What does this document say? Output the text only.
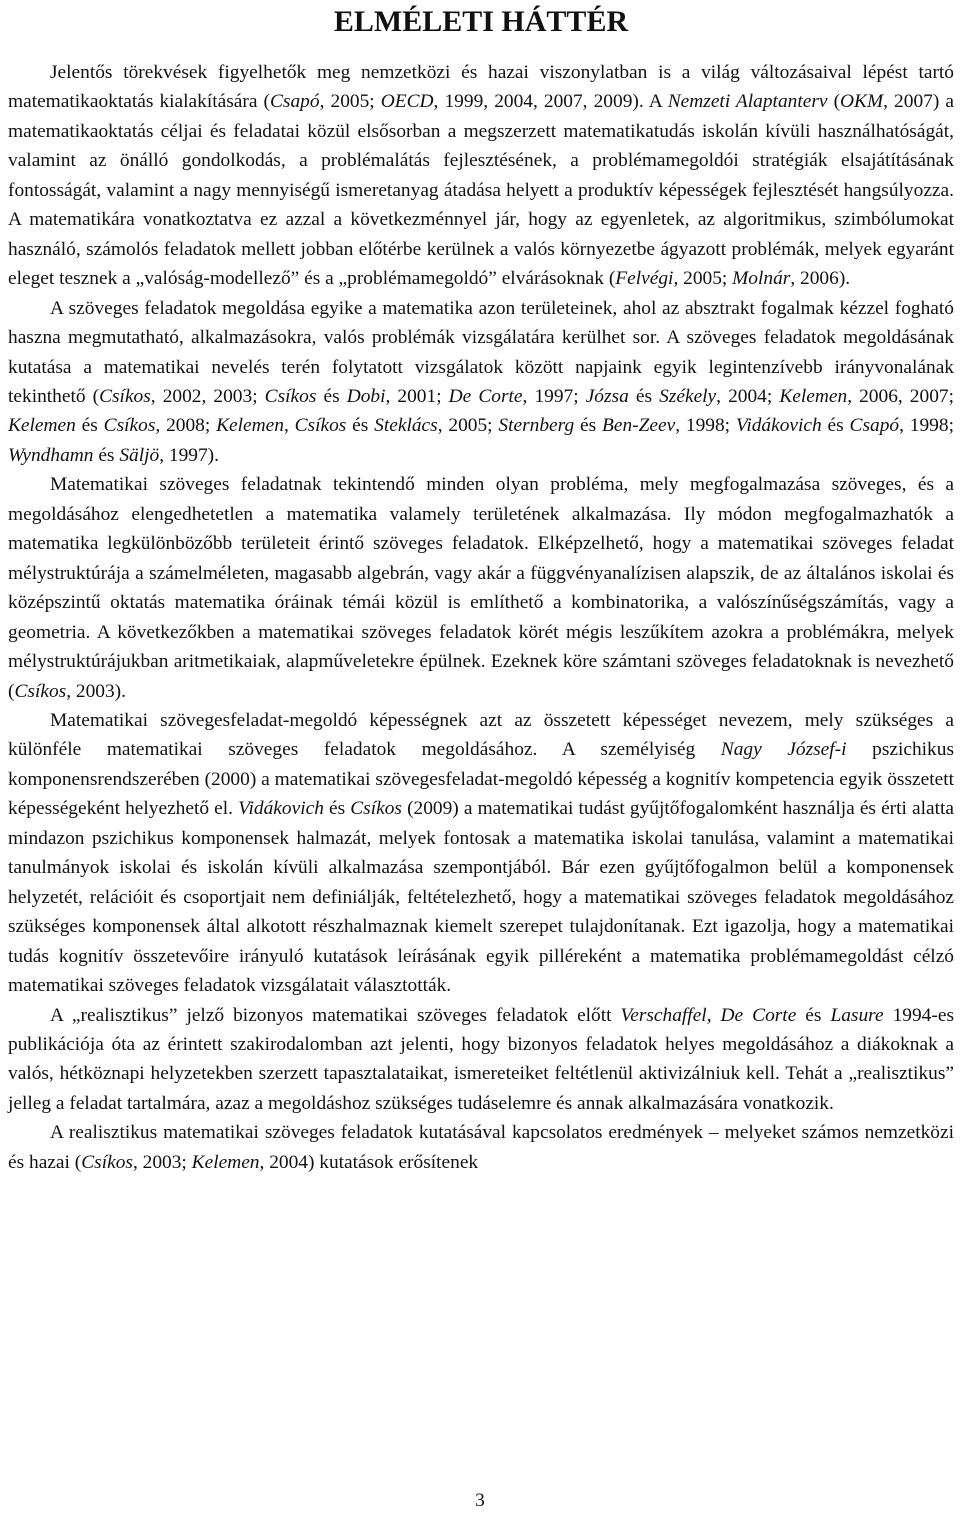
ELMÉLETI HÁTTÉR

Jelentős törekvések figyelhetők meg nemzetközi és hazai viszonylatban is a világ változásaival lépést tartó matematikaoktatás kialakítására (Csapó, 2005; OECD, 1999, 2004, 2007, 2009). A Nemzeti Alaptanterv (OKM, 2007) a matematikaoktatás céljai és feladatai közül elsősorban a megszerzett matematikatudás iskolán kívüli használhatóságát, valamint az önálló gondolkodás, a problémalátás fejlesztésének, a problémamegoldói stratégiák elsajátításának fontosságát, valamint a nagy mennyiségű ismeretanyag átadása helyett a produktív képességek fejlesztését hangsúlyozza. A matematikára vonatkoztatva ez azzal a következménnyel jár, hogy az egyenletek, az algoritmikus, szimbólumokat használó, számolós feladatok mellett jobban előtérbe kerülnek a valós környezetbe ágyazott problémák, melyek egyaránt eleget tesznek a „valóság-modellező” és a „problémamegoldó” elvárásoknak (Felvégi, 2005; Molnár, 2006).

A szöveges feladatok megoldása egyike a matematika azon területeinek, ahol az absztrakt fogalmak kézzel fogható haszna megmutatható, alkalmazásokra, valós problémák vizsgálatára kerülhet sor. A szöveges feladatok megoldásának kutatása a matematikai nevelés terén folytatott vizsgálatok között napjaink egyik legintenzívebb irányvonalának tekinthető (Csíkos, 2002, 2003; Csíkos és Dobi, 2001; De Corte, 1997; Józsa és Székely, 2004; Kelemen, 2006, 2007; Kelemen és Csíkos, 2008; Kelemen, Csíkos és Steklács, 2005; Sternberg és Ben-Zeev, 1998; Vidákovich és Csapó, 1998; Wyndhamn és Säljö, 1997).

Matematikai szöveges feladatnak tekintendő minden olyan probléma, mely megfogalmazása szöveges, és a megoldásához elengedhetetlen a matematika valamely területének alkalmazása. Ily módon megfogalmazhatók a matematika legkülönbözőbb területeit érintő szöveges feladatok. Elképzelhető, hogy a matematikai szöveges feladat mélystruktúrája a számelméleten, magasabb algebrán, vagy akár a függvényanalízisen alapszik, de az általános iskolai és középszintű oktatás matematika óráinak témái közül is említhető a kombinatorika, a valószínűségszámítás, vagy a geometria. A következőkben a matematikai szöveges feladatok körét mégis leszűkítem azokra a problémákra, melyek mélystruktúrájukban aritmetikaiak, alapműveletekre épülnek. Ezeknek köre számtani szöveges feladatoknak is nevezhető (Csíkos, 2003).

Matematikai szövegesfeladat-megoldó képességnek azt az összetett képességet nevezem, mely szükséges a különféle matematikai szöveges feladatok megoldásához. A személyiség Nagy József-i pszichikus komponensrendszerében (2000) a matematikai szövegesfeladat-megoldó képesség a kognitív kompetencia egyik összetett képességeként helyezhető el. Vidákovich és Csíkos (2009) a matematikai tudást gyűjtőfogalomként használja és érti alatta mindazon pszichikus komponensek halmazát, melyek fontosak a matematika iskolai tanulása, valamint a matematikai tanulmányok iskolai és iskolán kívüli alkalmazása szempontjából. Bár ezen gyűjtőfogalmon belül a komponensek helyzetét, relációit és csoportjait nem definiálják, feltételezhető, hogy a matematikai szöveges feladatok megoldásához szükséges komponensek által alkotott részhalmaznak kiemelt szerepet tulajdonítanak. Ezt igazolja, hogy a matematikai tudás kognitív összetevőire irányuló kutatások leírásának egyik pilléreként a matematika problémamegoldást célzó matematikai szöveges feladatok vizsgálatait választották.

A „realisztikus” jelző bizonyos matematikai szöveges feladatok előtt Verschaffel, De Corte és Lasure 1994-es publikációja óta az érintett szakirodalomban azt jelenti, hogy bizonyos feladatok helyes megoldásához a diákoknak a valós, hétköznapi helyzetekben szerzett tapasztalataikat, ismereteiket feltétlenül aktivizálniuk kell. Tehát a „realisztikus” jelleg a feladat tartalmára, azaz a megoldáshoz szükséges tudáselemre és annak alkalmazására vonatkozik.

A realisztikus matematikai szöveges feladatok kutatásával kapcsolatos eredmények – melyeket számos nemzetközi és hazai (Csíkos, 2003; Kelemen, 2004) kutatások erősítenek

3
